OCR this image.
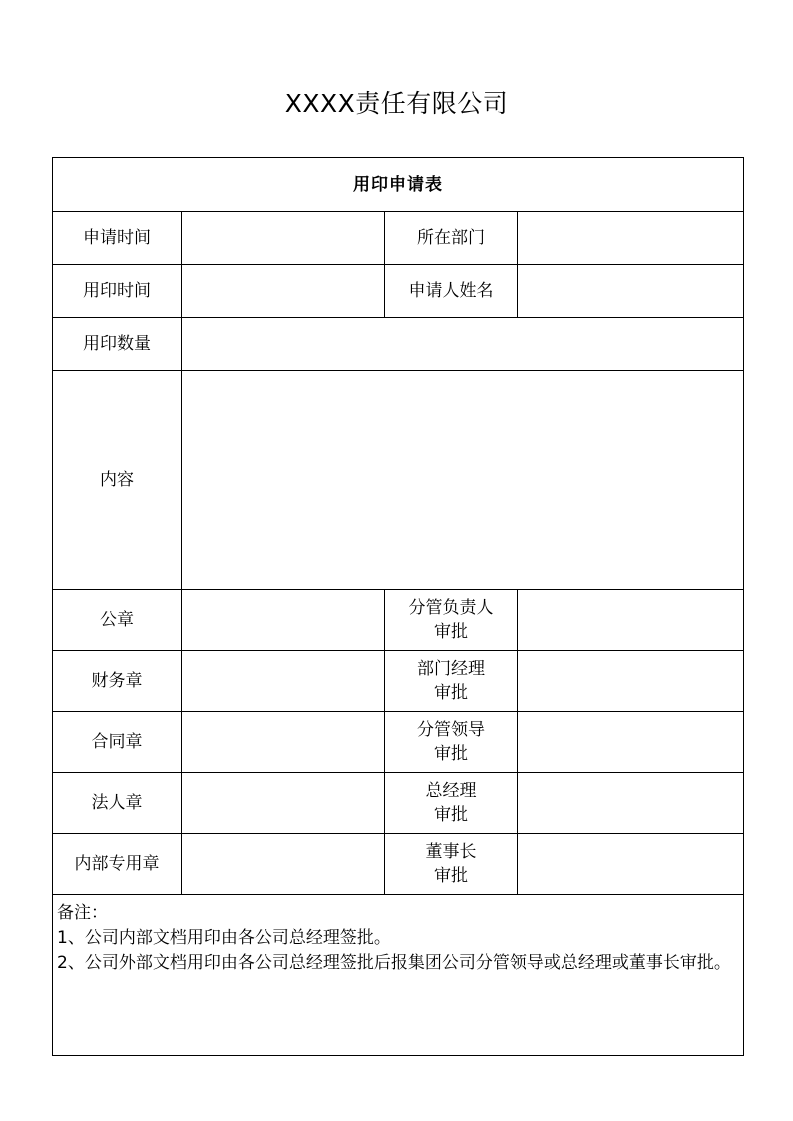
XXXX责任有限公司
用印申请表			
申请时间		所在部门	
用印时间		申请人姓名	
用印数量			
内容			
公章		分管负责人
审批	

财务章		部门经理
审批	

合同章		分管领导
审批	

法人章		总经理
审批	

内部专用章		董事长
审批	

备注：
1、公司内部文档用印由各公司总经理签批。
2、公司外部文档用印由各公司总经理签批后报集团公司分管领导或总经理或董事长审批。			
